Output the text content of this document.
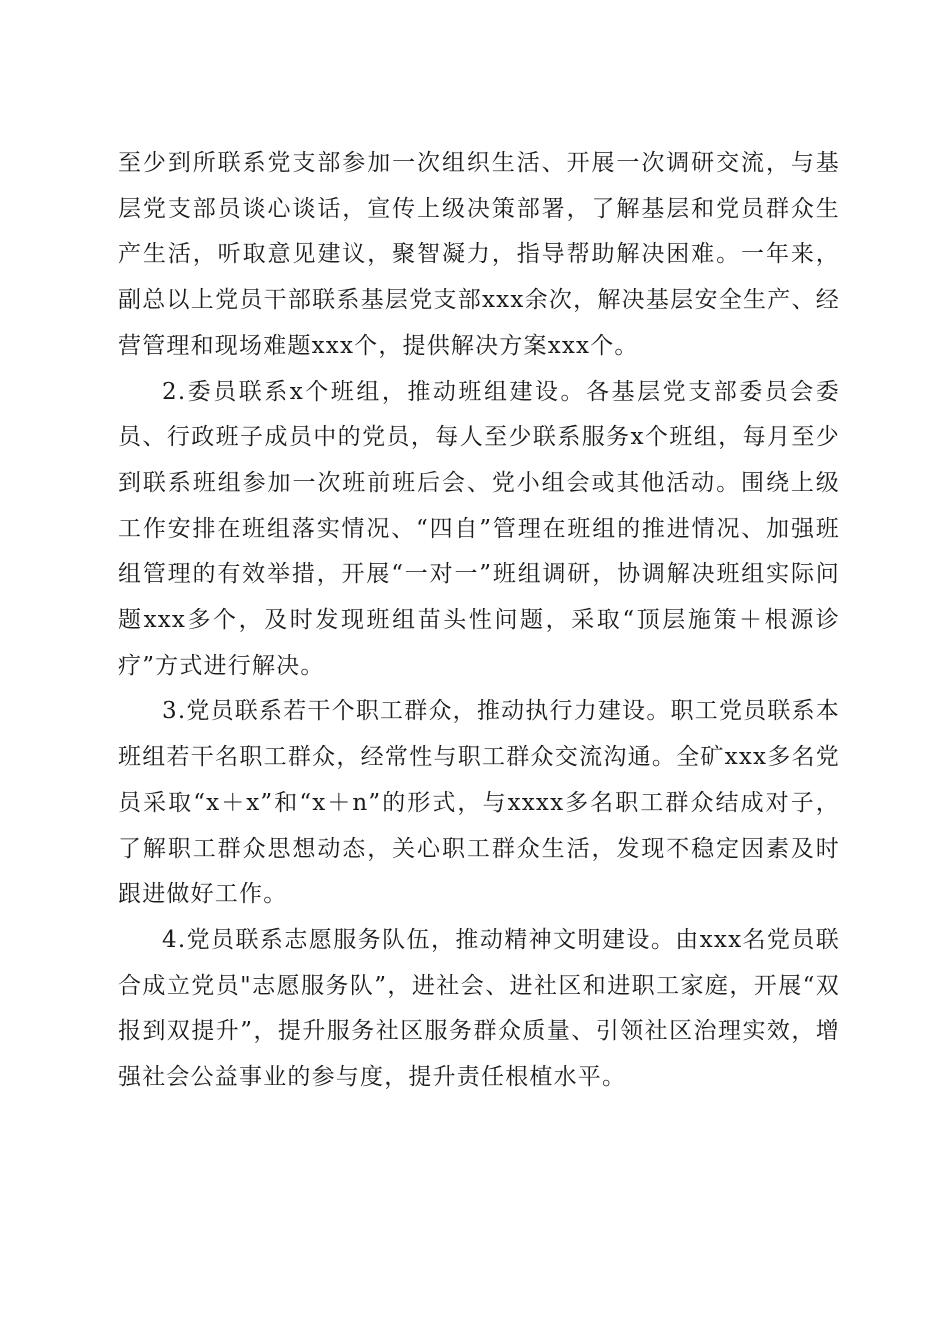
至少到所联系党支部参加一次组织生活、开展一次调研交流，与基层党支部员谈心谈话，宣传上级决策部署，了解基层和党员群众生产生活，听取意见建议，聚智凝力，指导帮助解决困难。一年来，副总以上党员干部联系基层党支部xxx余次，解决基层安全生产、经营管理和现场难题xxx个，提供解决方案xxx个。

2.委员联系x个班组，推动班组建设。各基层党支部委员会委员、行政班子成员中的党员，每人至少联系服务x个班组，每月至少到联系班组参加一次班前班后会、党小组会或其他活动。围绕上级工作安排在班组落实情况、“四自”管理在班组的推进情况、加强班组管理的有效举措，开展“一对一”班组调研，协调解决班组实际问题xxx多个，及时发现班组苗头性问题，采取“顶层施策＋根源诊疗”方式进行解决。

3.党员联系若干个职工群众，推动执行力建设。职工党员联系本班组若干名职工群众，经常性与职工群众交流沟通。全矿xxx多名党员采取“x＋x”和“x＋n”的形式，与xxxx多名职工群众结成对子，了解职工群众思想动态，关心职工群众生活，发现不稳定因素及时跟进做好工作。

4.党员联系志愿服务队伍，推动精神文明建设。由xxx名党员联合成立党员"志愿服务队”，进社会、进社区和进职工家庭，开展“双报到双提升”，提升服务社区服务群众质量、引领社区治理实效，增强社会公益事业的参与度，提升责任根植水平。
